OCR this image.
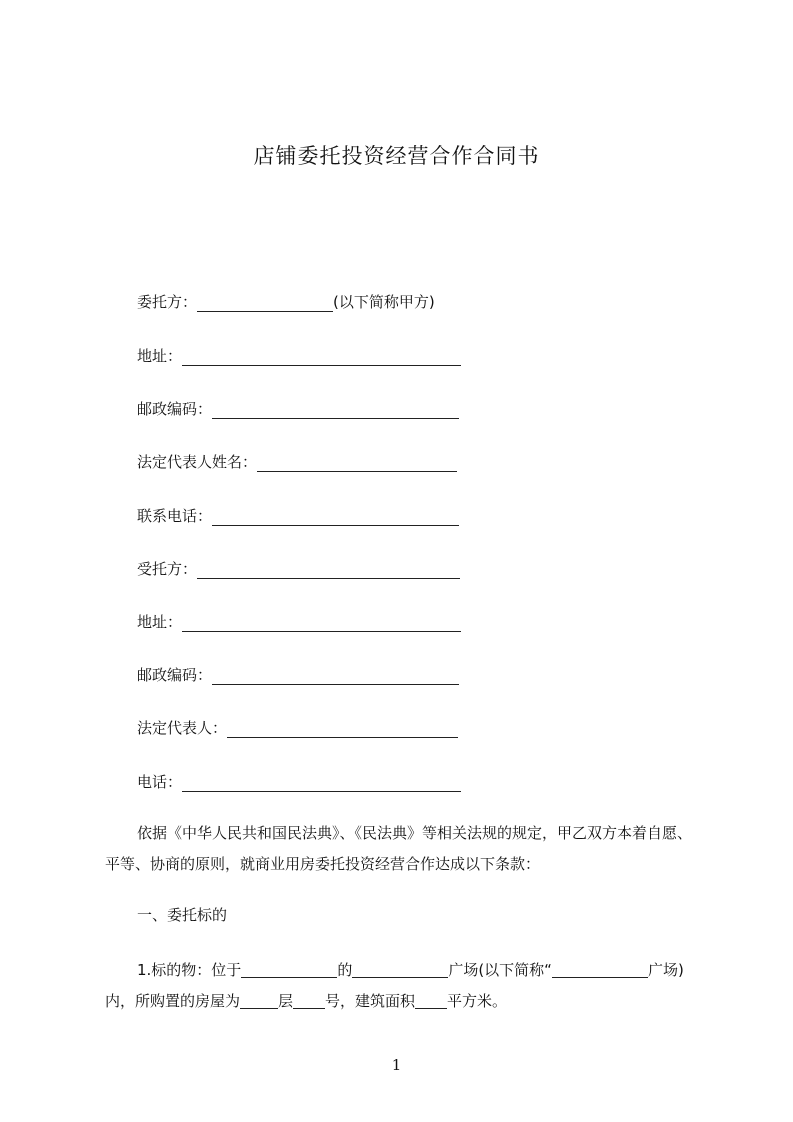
店铺委托投资经营合作合同书
委托方：	(以下简称甲方)
地址：
邮政编码：
法定代表人姓名：
联系电话：
受托方：
地址：
邮政编码：
法定代表人：
电话：
依据《中华人民共和国民法典》、《民法典》等相关法规的规定，甲乙双方本着自愿、平等、协商的原则，就商业用房委托投资经营合作达成以下条款：
一、委托标的
1.标的物：位于	的	广场(以下简称“	广场)
内，所购置的房屋为	层 号，建筑面积 平方米。
1
